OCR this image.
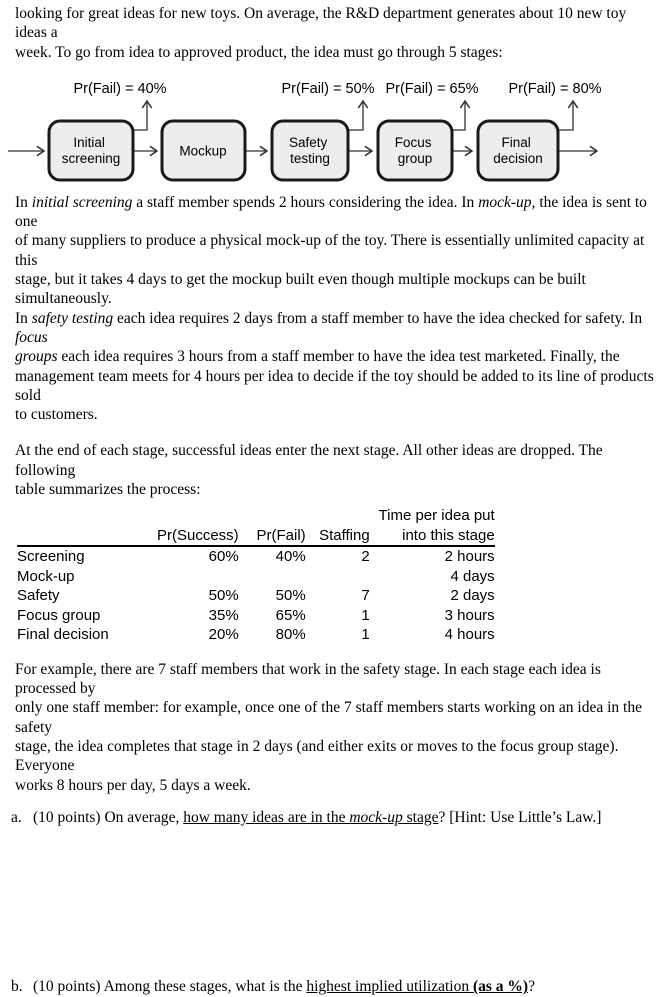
looking for great ideas for new toys. On average, the R&D department generates about 10 new toy ideas a
week. To go from idea to approved product, the idea must go through 5 stages:
Pr(Fail) = 40%	Pr(Fail) = 50% Pr(Fail) = 65% Pr(Fail) = 80%
Initial screening	Mockup
Safety testing
Focus group
Final decision
In initial screening a staff member spends 2 hours considering the idea. In mock-up, the idea is sent to one
of many suppliers to produce a physical mock-up of the toy. There is essentially unlimited capacity at this
stage, but it takes 4 days to get the mockup built even though multiple mockups can be built simultaneously.
In safety testing each idea requires 2 days from a staff member to have the idea checked for safety. In focus
groups each idea requires 3 hours from a staff member to have the idea test marketed. Finally, the
management team meets for 4 hours per idea to decide if the toy should be added to its line of products sold
to customers.
At the end of each stage, successful ideas enter the next stage. All other ideas are dropped. The following
table summarizes the process:
	Pr(Success)	Pr(Fail)	Staffing	Time per idea put
into this stage

Screening	60%	40%	2	2 hours
Mock-up				4 days
Safety	50%	50%	7	2 days
Focus group	35%	65%	1	3 hours
Final decision	20%	80%	1	4 hours
For example, there are 7 staff members that work in the safety stage. In each stage each idea is processed by
only one staff member: for example, once one of the 7 staff members starts working on an idea in the safety
stage, the idea completes that stage in 2 days (and either exits or moves to the focus group stage). Everyone
works 8 hours per day, 5 days a week.
a. (10 points) On average, how many ideas are in the mock-up stage? [Hint: Use Little’s Law.]
b. (10 points) Among these stages, what is the highest implied utilization (as a %)?
